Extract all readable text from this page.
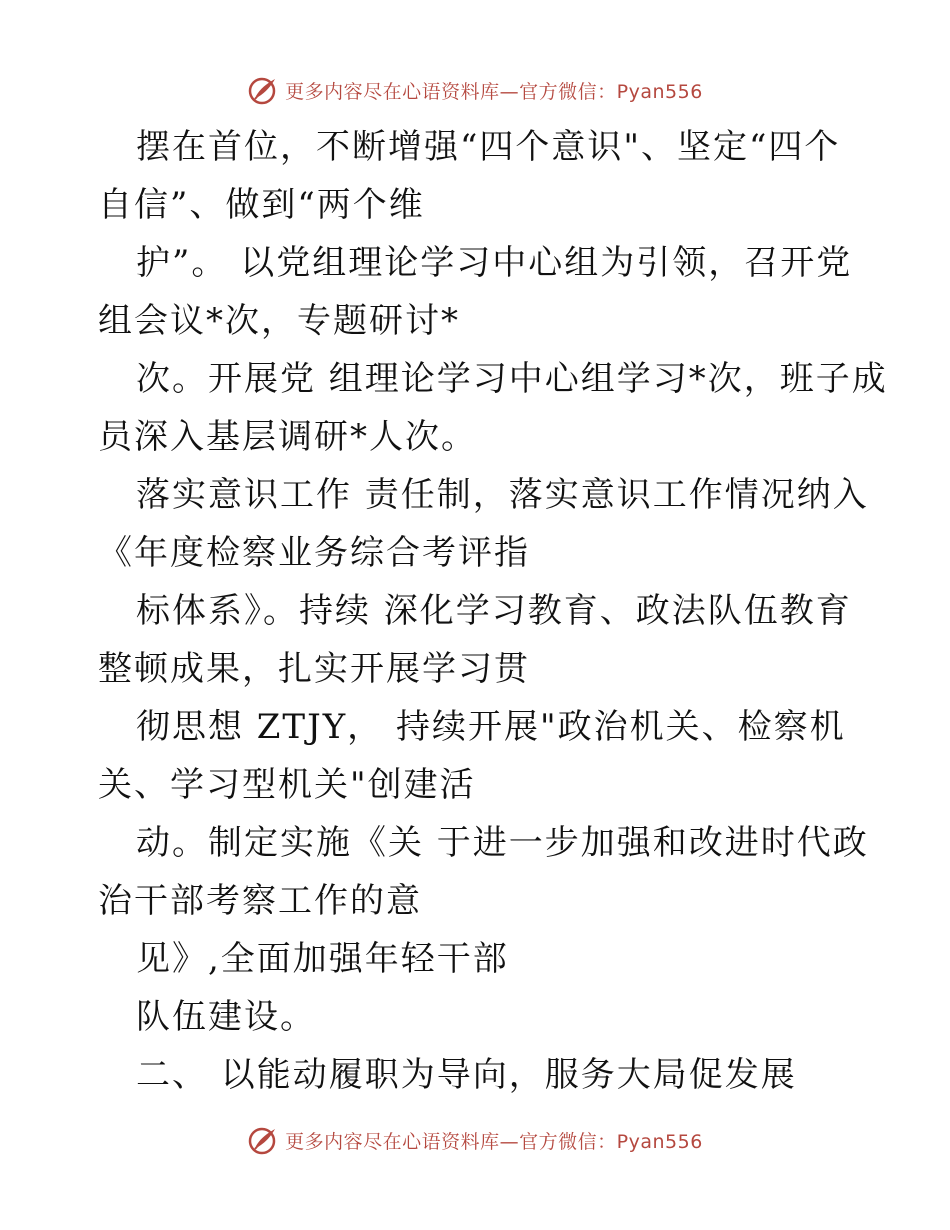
更多内容尽在心语资料库—官方微信：Pyan556
摆在首位，不断增强“四个意识"、坚定“四个
自信”、做到“两个维
护”。 以党组理论学习中心组为引领，召开党
组会议*次，专题研讨*
次。开展党 组理论学习中心组学习*次，班子成
员深入基层调研*人次。
落实意识工作 责任制，落实意识工作情况纳入
《年度检察业务综合考评指
标体系》。持续 深化学习教育、政法队伍教育
整顿成果，扎实开展学习贯
彻思想 ZTJY， 持续开展"政治机关、检察机
关、学习型机关"创建活
动。制定实施《关 于进一步加强和改进时代政
治干部考察工作的意
见》,全面加强年轻干部
队伍建设。
二、 以能动履职为导向，服务大局促发展
更多内容尽在心语资料库—官方微信：Pyan556
